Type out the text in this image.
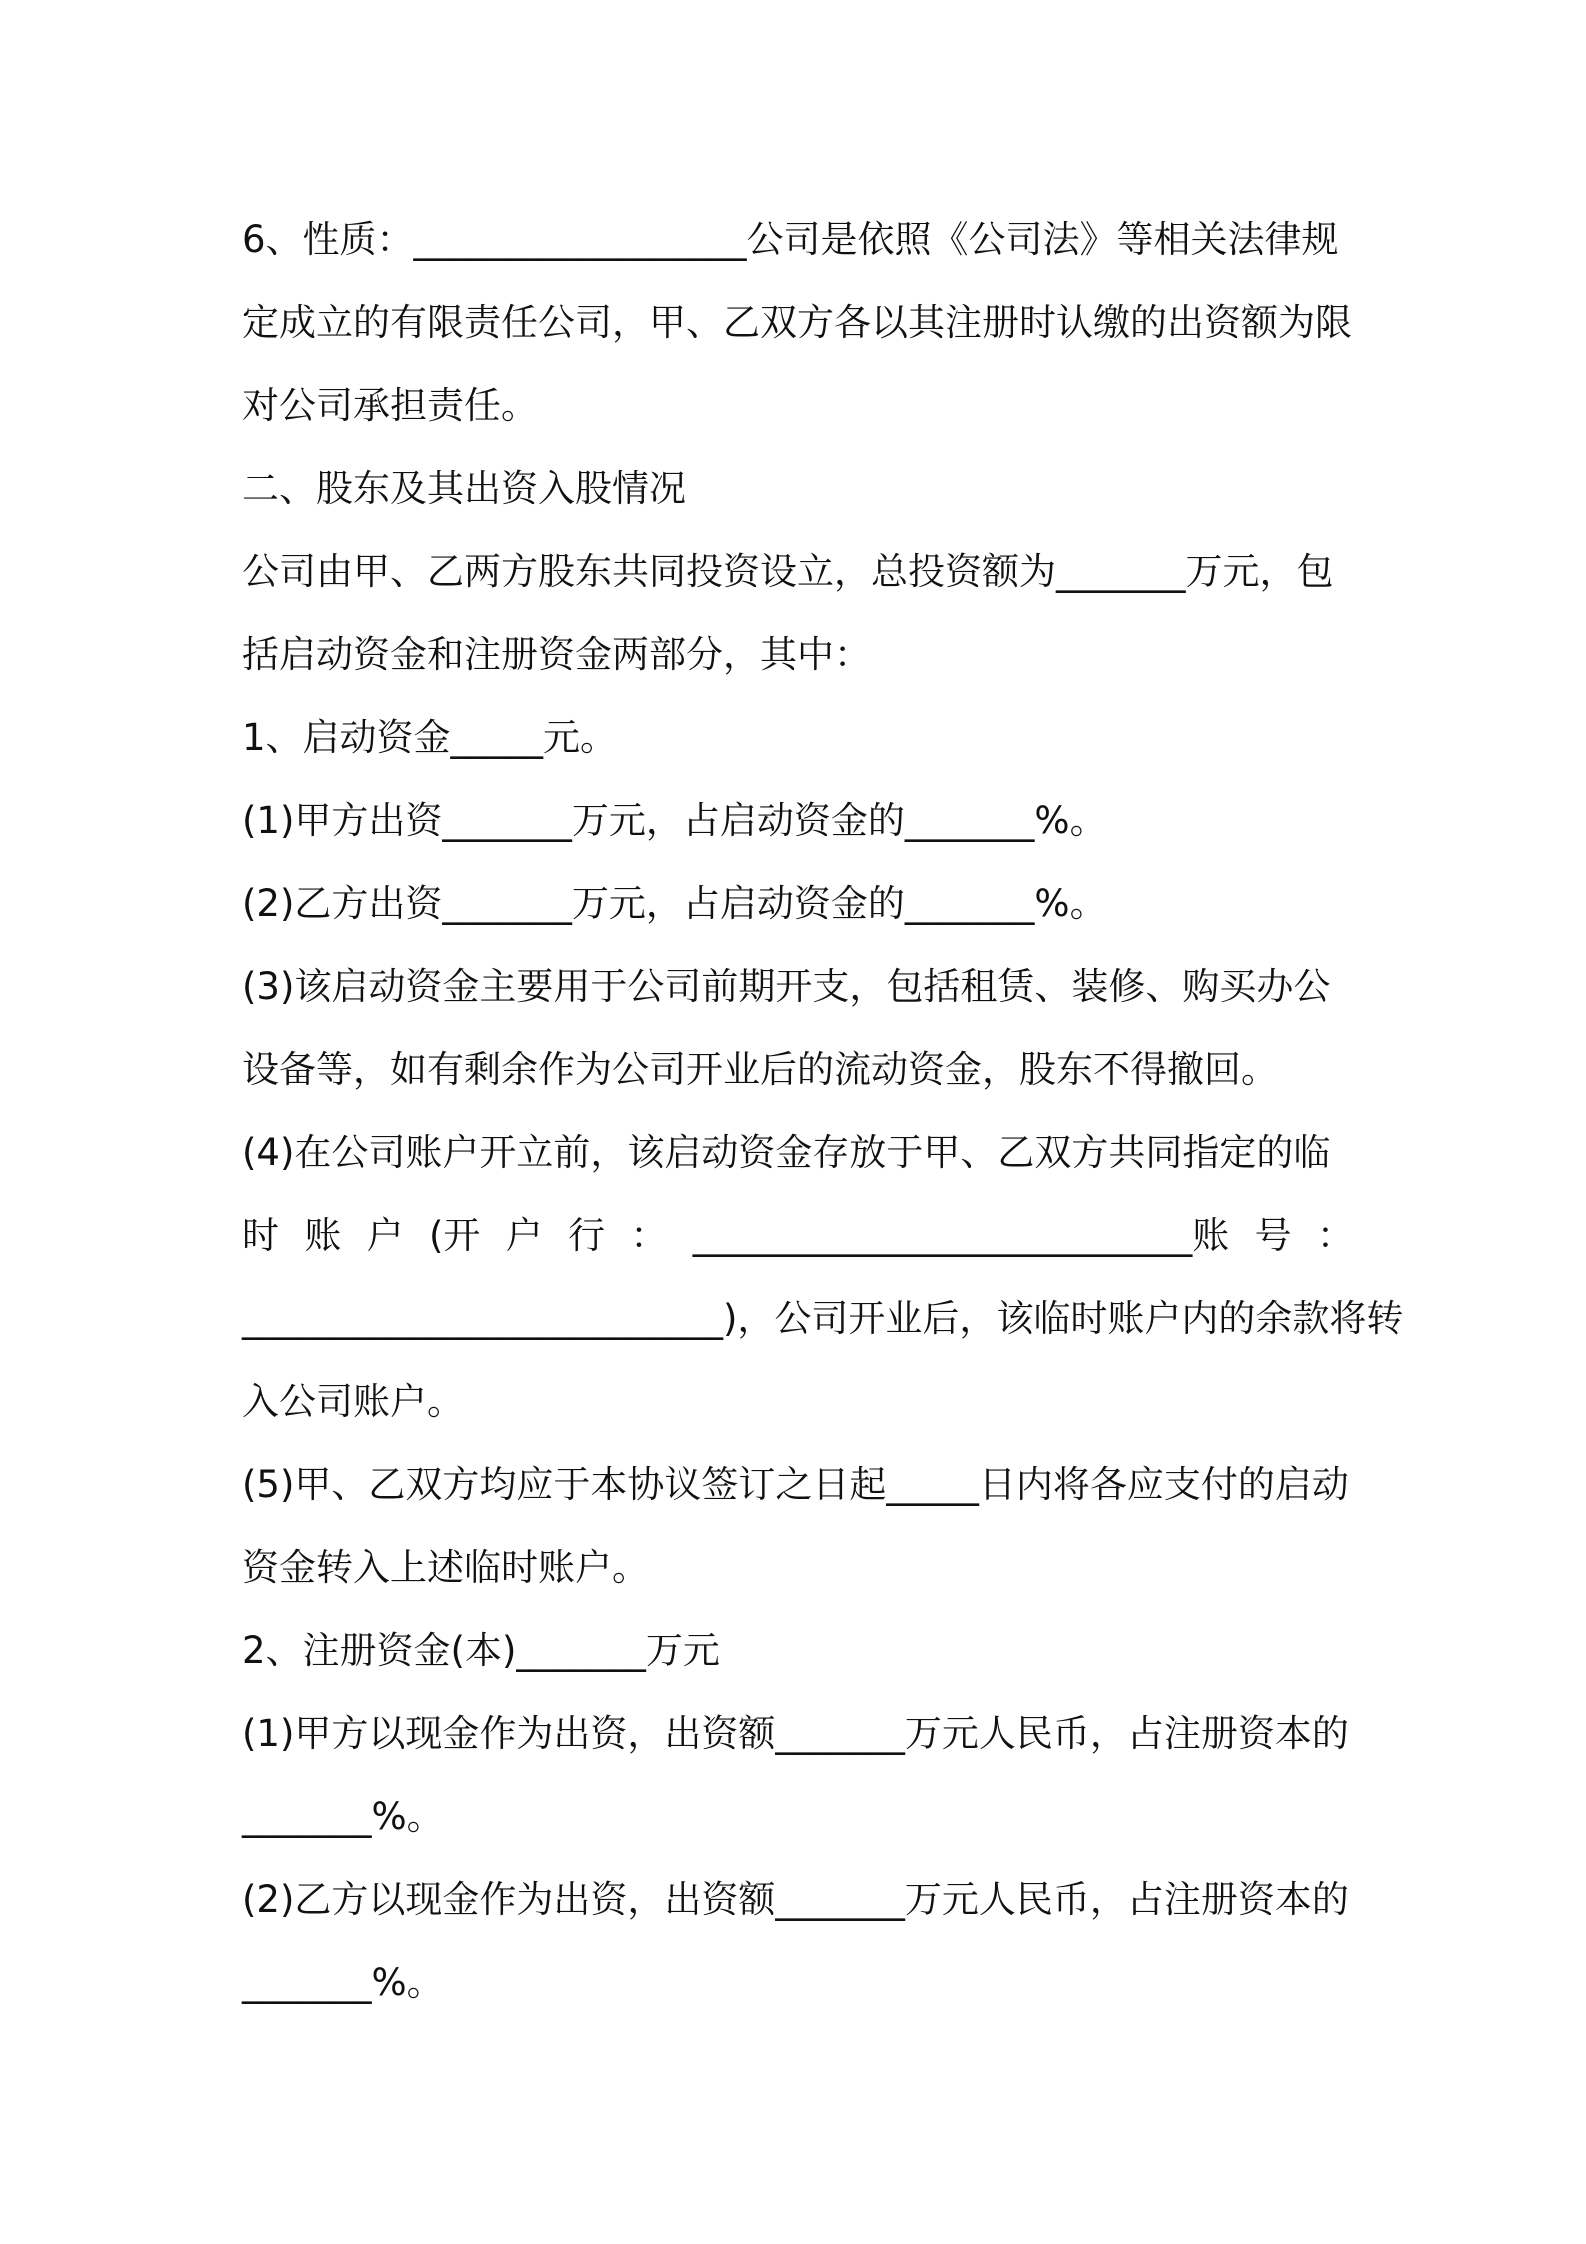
6、性质：__________________公司是依照《公司法》等相关法律规
定成立的有限责任公司，甲、乙双方各以其注册时认缴的出资额为限
对公司承担责任。
二、股东及其出资入股情况
公司由甲、乙两方股东共同投资设立，总投资额为_______万元，包
括启动资金和注册资金两部分，其中：
1、启动资金_____元。
(1)甲方出资_______万元，占启动资金的_______%。
(2)乙方出资_______万元，占启动资金的_______%。
(3)该启动资金主要用于公司前期开支，包括租赁、装修、购买办公
设备等，如有剩余作为公司开业后的流动资金，股东不得撤回。
(4)在公司账户开立前，该启动资金存放于甲、乙双方共同指定的临
时 账 户 (开 户 行 ： ___________________________账 号 ：
__________________________)，公司开业后，该临时账户内的余款将转
入公司账户。
(5)甲、乙双方均应于本协议签订之日起_____日内将各应支付的启动
资金转入上述临时账户。
2、注册资金(本)_______万元
(1)甲方以现金作为出资，出资额_______万元人民币，占注册资本的
_______%。
(2)乙方以现金作为出资，出资额_______万元人民币，占注册资本的
_______%。
